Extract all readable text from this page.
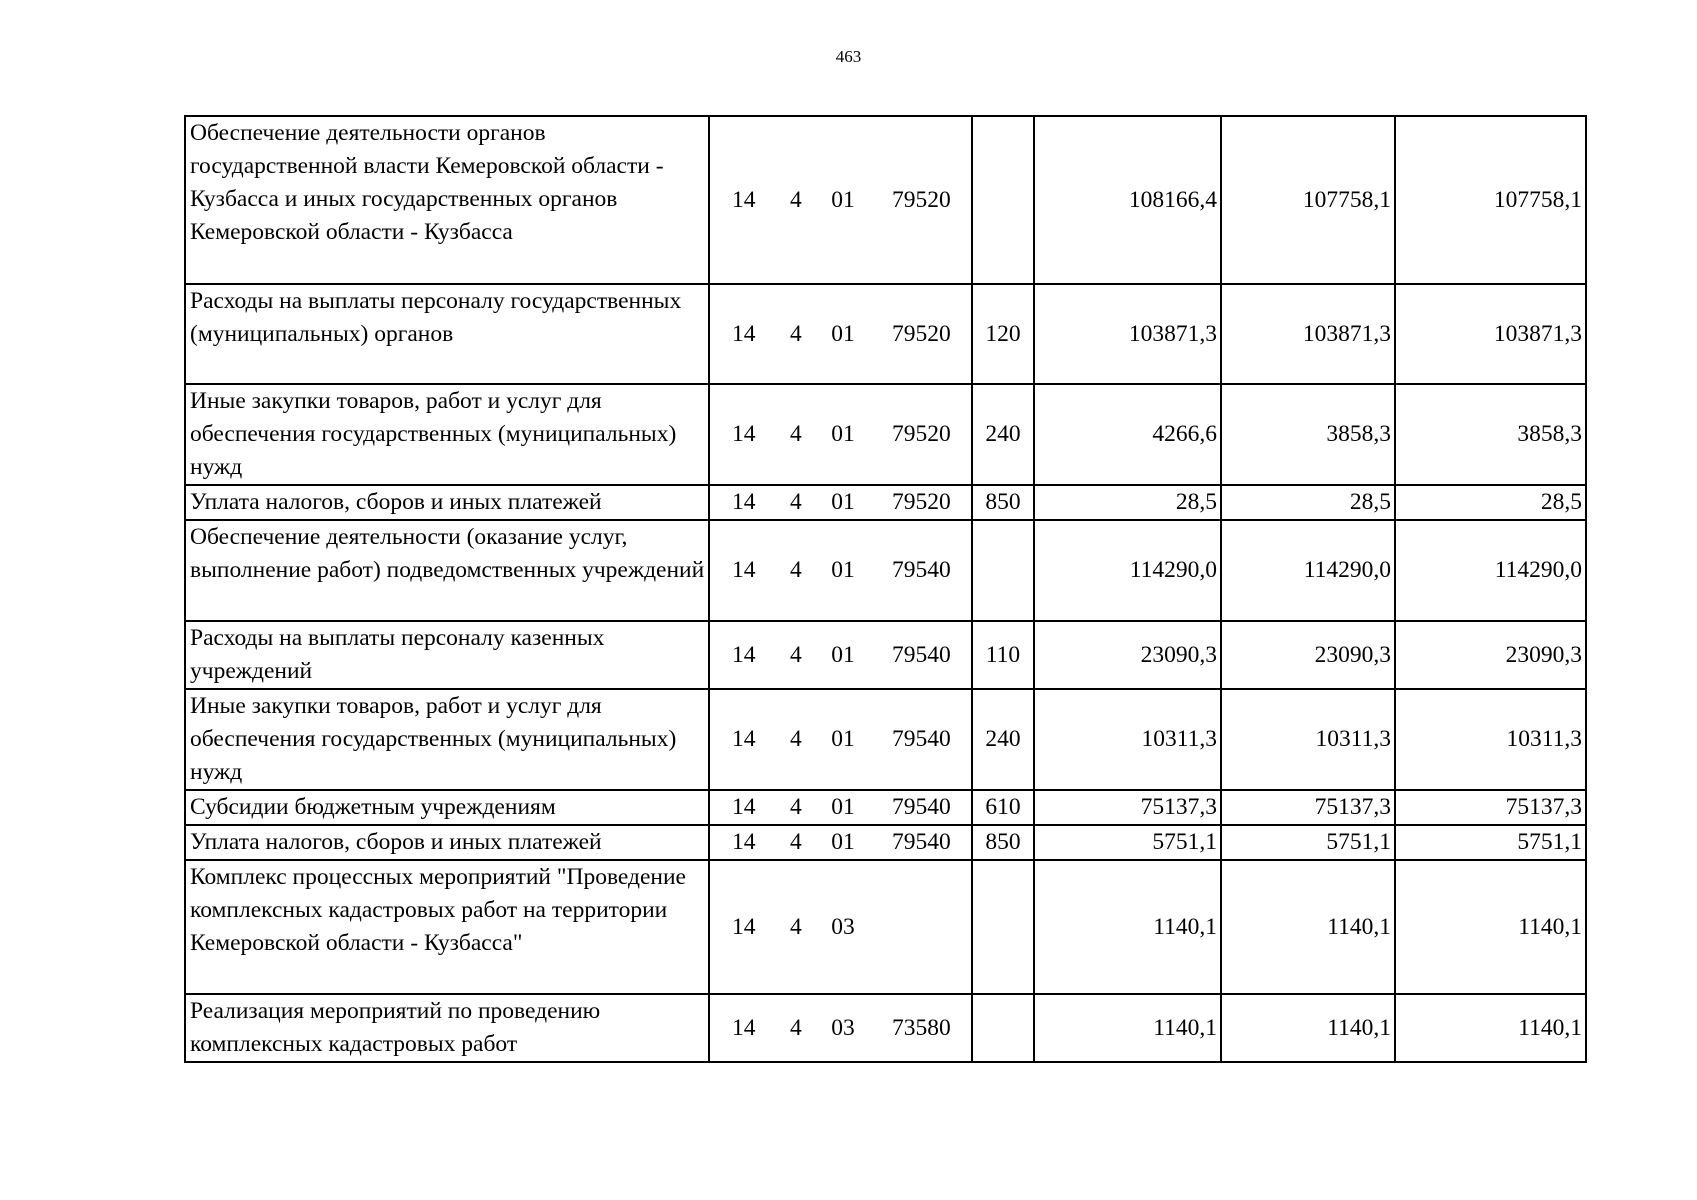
463
Обеспечение деятельности органов государственной власти Кемеровской области - Кузбасса и иных государственных органов Кемеровской области - Кузбасса	14 4 01 79520		108166,4	107758,1	107758,1
Расходы на выплаты персоналу государственных (муниципальных) органов	14 4 01 79520	120	103871,3	103871,3	103871,3
Иные закупки товаров, работ и услуг для обеспечения государственных (муниципальных) нужд	14 4 01 79520	240	4266,6	3858,3	3858,3
Уплата налогов, сборов и иных платежей	14 4 01 79520	850	28,5	28,5	28,5
Обеспечение деятельности (оказание услуг, выполнение работ) подведомственных учреждений	14 4 01 79540		114290,0	114290,0	114290,0
Расходы на выплаты персоналу казенных учреждений	14 4 01 79540	110	23090,3	23090,3	23090,3
Иные закупки товаров, работ и услуг для обеспечения государственных (муниципальных) нужд	14 4 01 79540	240	10311,3	10311,3	10311,3
Субсидии бюджетным учреждениям	14 4 01 79540	610	75137,3	75137,3	75137,3
Уплата налогов, сборов и иных платежей	14 4 01 79540	850	5751,1	5751,1	5751,1
Комплекс процессных мероприятий "Проведение комплексных кадастровых работ на территории Кемеровской области - Кузбасса"	14 4 03		1140,1	1140,1	1140,1
Реализация мероприятий по проведению комплексных кадастровых работ	14 4 03 73580		1140,1	1140,1	1140,1
